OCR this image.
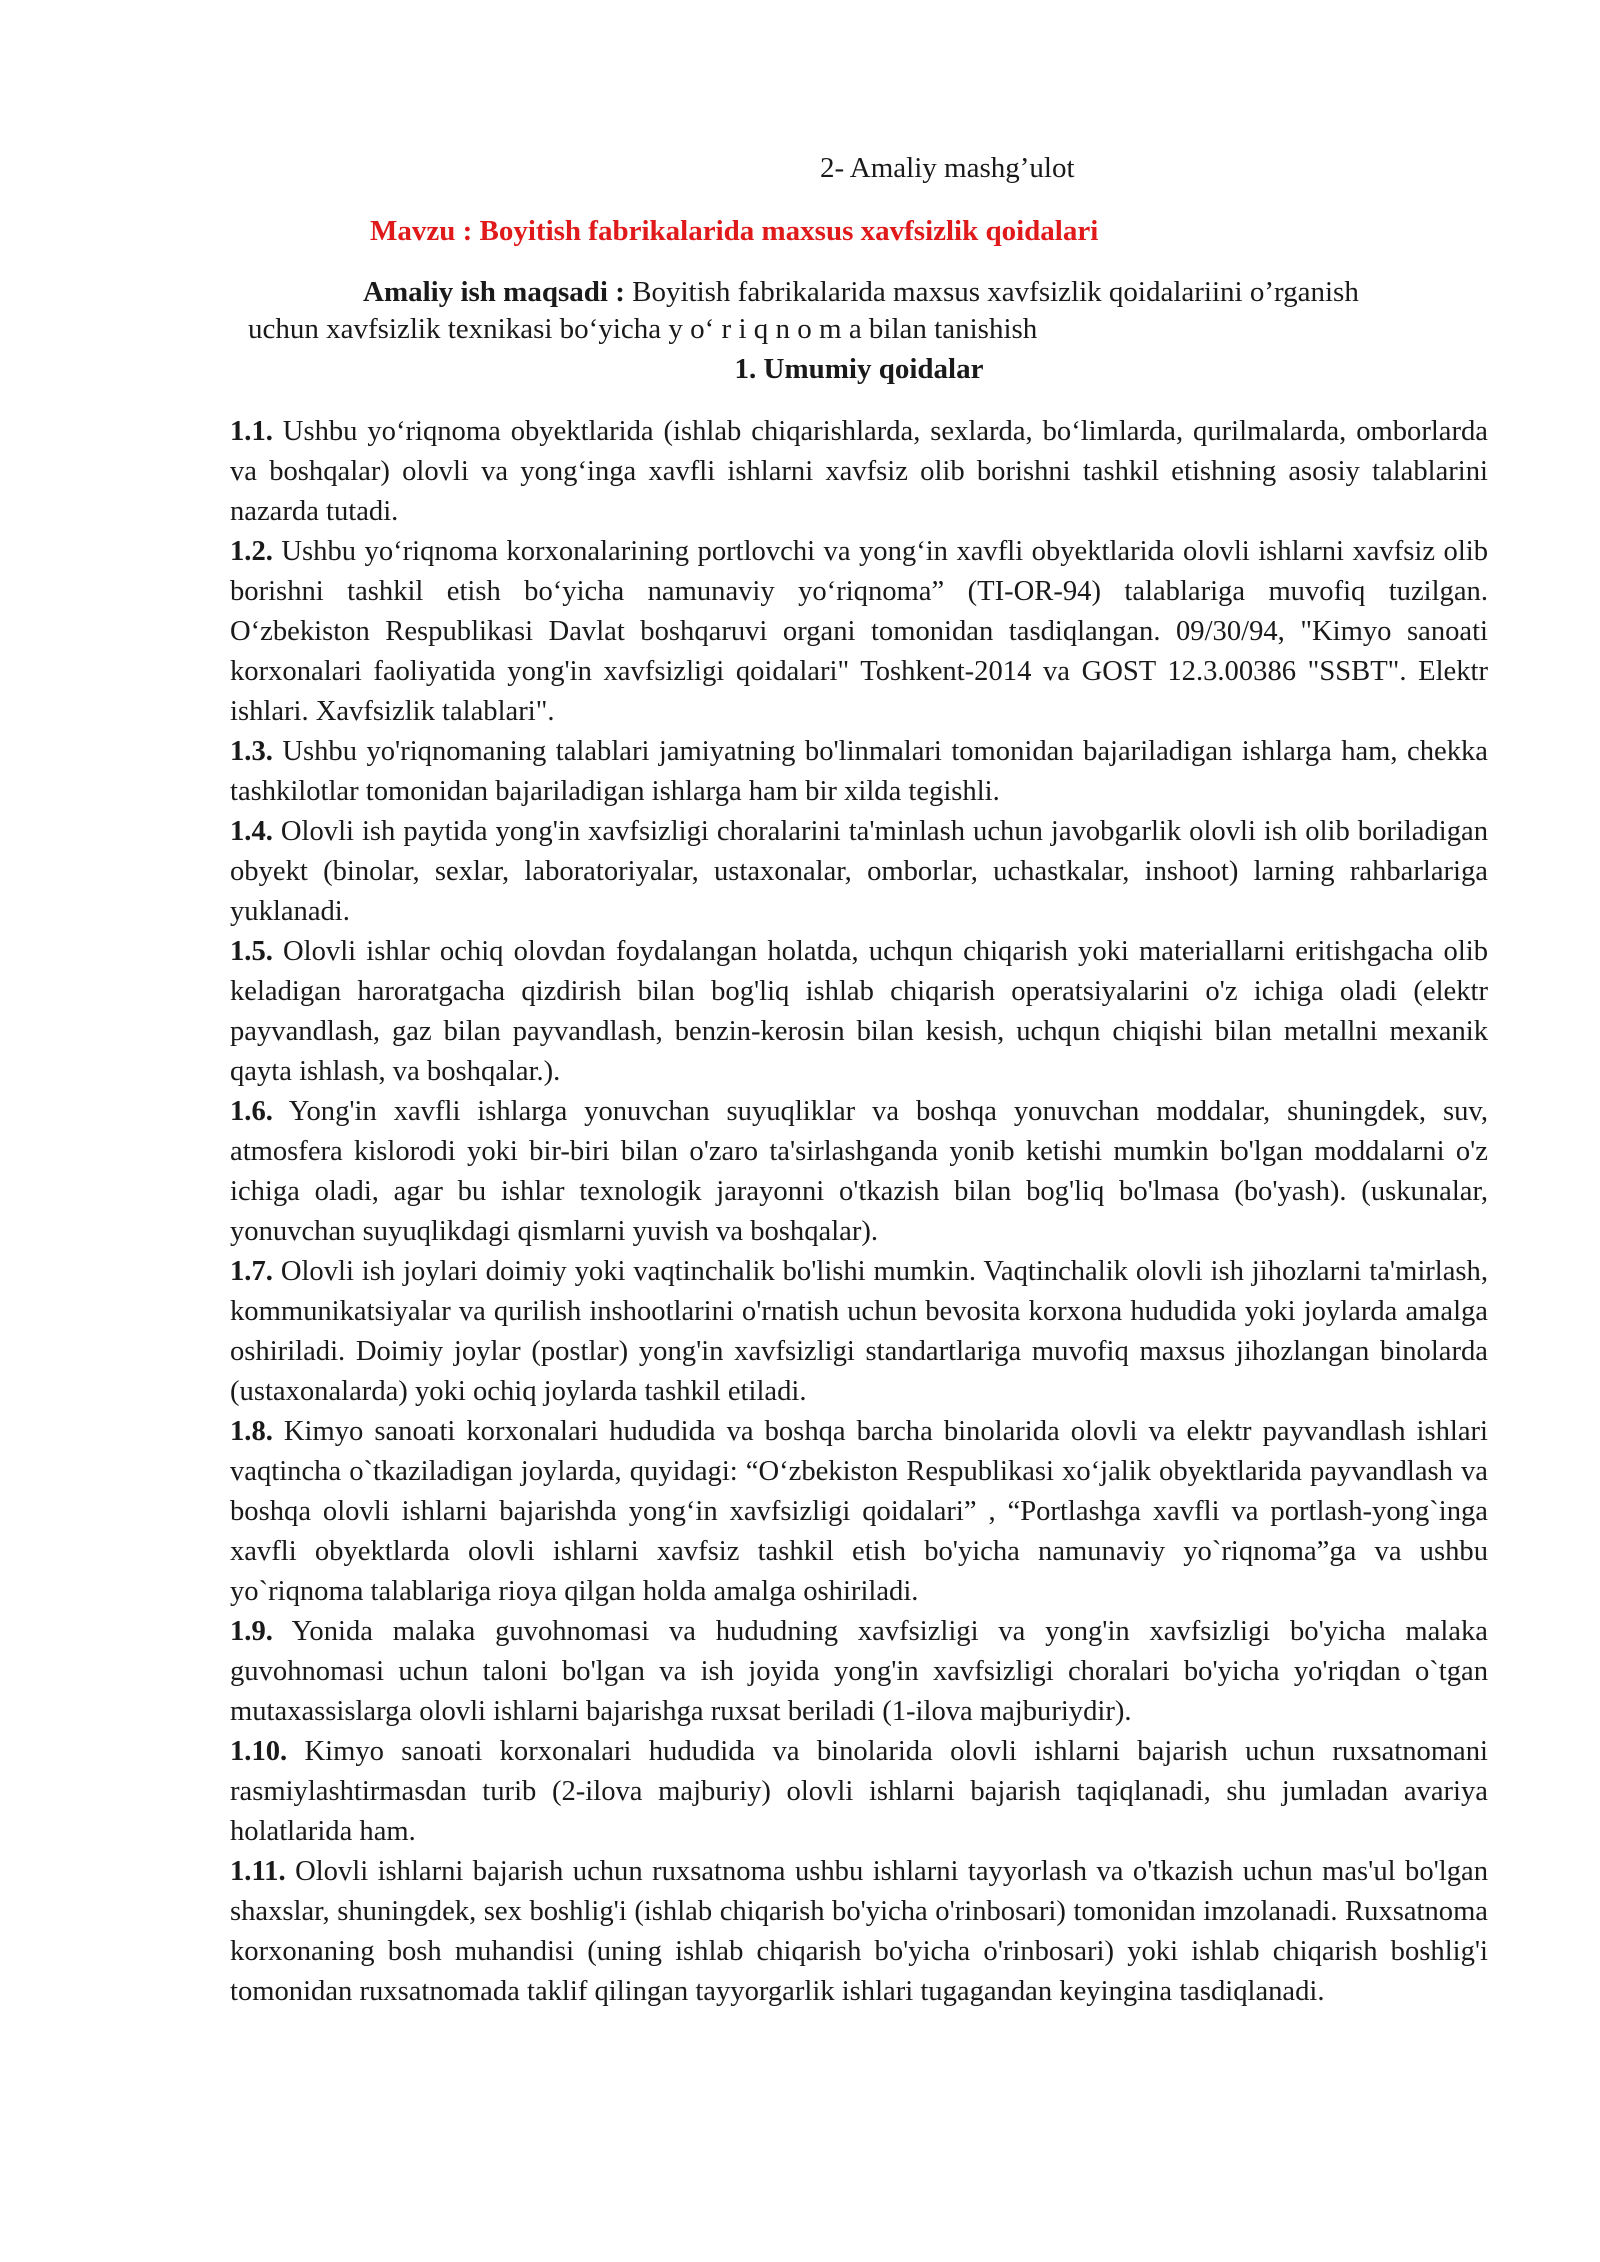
2- Amaliy mashg’ulot
Mavzu : Boyitish fabrikalarida maxsus xavfsizlik qoidalari
Amaliy ish maqsadi : Boyitish fabrikalarida maxsus xavfsizlik qoidalariini o’rganish
uchun xavfsizlik texnikasi bo‘yicha y o‘ r i q n o m a bilan tanishish
1. Umumiy qoidalar

1.1. Ushbu yo‘riqnoma obyektlarida (ishlab chiqarishlarda, sexlarda, bo‘limlarda, qurilmalarda, omborlarda va boshqalar) olovli va yong‘inga xavfli ishlarni xavfsiz olib borishni tashkil etishning asosiy talablarini nazarda tutadi.

1.2. Ushbu yo‘riqnoma korxonalarining portlovchi va yong‘in xavfli obyektlarida olovli ishlarni xavfsiz olib borishni tashkil etish bo‘yicha namunaviy yo‘riqnoma” (TI-OR-94) talablariga muvofiq tuzilgan. O‘zbekiston Respublikasi Davlat boshqaruvi organi tomonidan tasdiqlangan. 09/30/94, "Kimyo sanoati korxonalari faoliyatida yong'in xavfsizligi qoidalari" Toshkent-2014 va GOST 12.3.00386 "SSBT". Elektr ishlari. Xavfsizlik talablari".

1.3. Ushbu yo'riqnomaning talablari jamiyatning bo'linmalari tomonidan bajariladigan ishlarga ham, chekka tashkilotlar tomonidan bajariladigan ishlarga ham bir xilda tegishli.

1.4. Olovli ish paytida yong'in xavfsizligi choralarini ta'minlash uchun javobgarlik olovli ish olib boriladigan obyekt (binolar, sexlar, laboratoriyalar, ustaxonalar, omborlar, uchastkalar, inshoot) larning rahbarlariga yuklanadi.

1.5. Olovli ishlar ochiq olovdan foydalangan holatda, uchqun chiqarish yoki materiallarni eritishgacha olib keladigan haroratgacha qizdirish bilan bog'liq ishlab chiqarish operatsiyalarini o'z ichiga oladi (elektr payvandlash, gaz bilan payvandlash, benzin-kerosin bilan kesish, uchqun chiqishi bilan metallni mexanik qayta ishlash, va boshqalar.).

1.6. Yong'in xavfli ishlarga yonuvchan suyuqliklar va boshqa yonuvchan moddalar, shuningdek, suv, atmosfera kislorodi yoki bir-biri bilan o'zaro ta'sirlashganda yonib ketishi mumkin bo'lgan moddalarni o'z ichiga oladi, agar bu ishlar texnologik jarayonni o'tkazish bilan bog'liq bo'lmasa (bo'yash). (uskunalar, yonuvchan suyuqlikdagi qismlarni yuvish va boshqalar).

1.7. Olovli ish joylari doimiy yoki vaqtinchalik bo'lishi mumkin. Vaqtinchalik olovli ish jihozlarni ta'mirlash, kommunikatsiyalar va qurilish inshootlarini o'rnatish uchun bevosita korxona hududida yoki joylarda amalga oshiriladi. Doimiy joylar (postlar) yong'in xavfsizligi standartlariga muvofiq maxsus jihozlangan binolarda (ustaxonalarda) yoki ochiq joylarda tashkil etiladi.

1.8. Kimyo sanoati korxonalari hududida va boshqa barcha binolarida olovli va elektr payvandlash ishlari vaqtincha o`tkaziladigan joylarda, quyidagi: “O‘zbekiston Respublikasi xo‘jalik obyektlarida payvandlash va boshqa olovli ishlarni bajarishda yong‘in xavfsizligi qoidalari” , “Portlashga xavfli va portlash-yong`inga xavfli obyektlarda olovli ishlarni xavfsiz tashkil etish bo'yicha namunaviy yo`riqnoma”ga va ushbu yo`riqnoma talablariga rioya qilgan holda amalga oshiriladi.

1.9. Yonida malaka guvohnomasi va hududning xavfsizligi va yong'in xavfsizligi bo'yicha malaka guvohnomasi uchun taloni bo'lgan va ish joyida yong'in xavfsizligi choralari bo'yicha yo'riqdan o`tgan mutaxassislarga olovli ishlarni bajarishga ruxsat beriladi (1-ilova majburiydir).

1.10. Kimyo sanoati korxonalari hududida va binolarida olovli ishlarni bajarish uchun ruxsatnomani rasmiylashtirmasdan turib (2-ilova majburiy) olovli ishlarni bajarish taqiqlanadi, shu jumladan avariya holatlarida ham.

1.11. Olovli ishlarni bajarish uchun ruxsatnoma ushbu ishlarni tayyorlash va o'tkazish uchun mas'ul bo'lgan shaxslar, shuningdek, sex boshlig'i (ishlab chiqarish bo'yicha o'rinbosari) tomonidan imzolanadi. Ruxsatnoma korxonaning bosh muhandisi (uning ishlab chiqarish bo'yicha o'rinbosari) yoki ishlab chiqarish boshlig'i tomonidan ruxsatnomada taklif qilingan tayyorgarlik ishlari tugagandan keyingina tasdiqlanadi.
